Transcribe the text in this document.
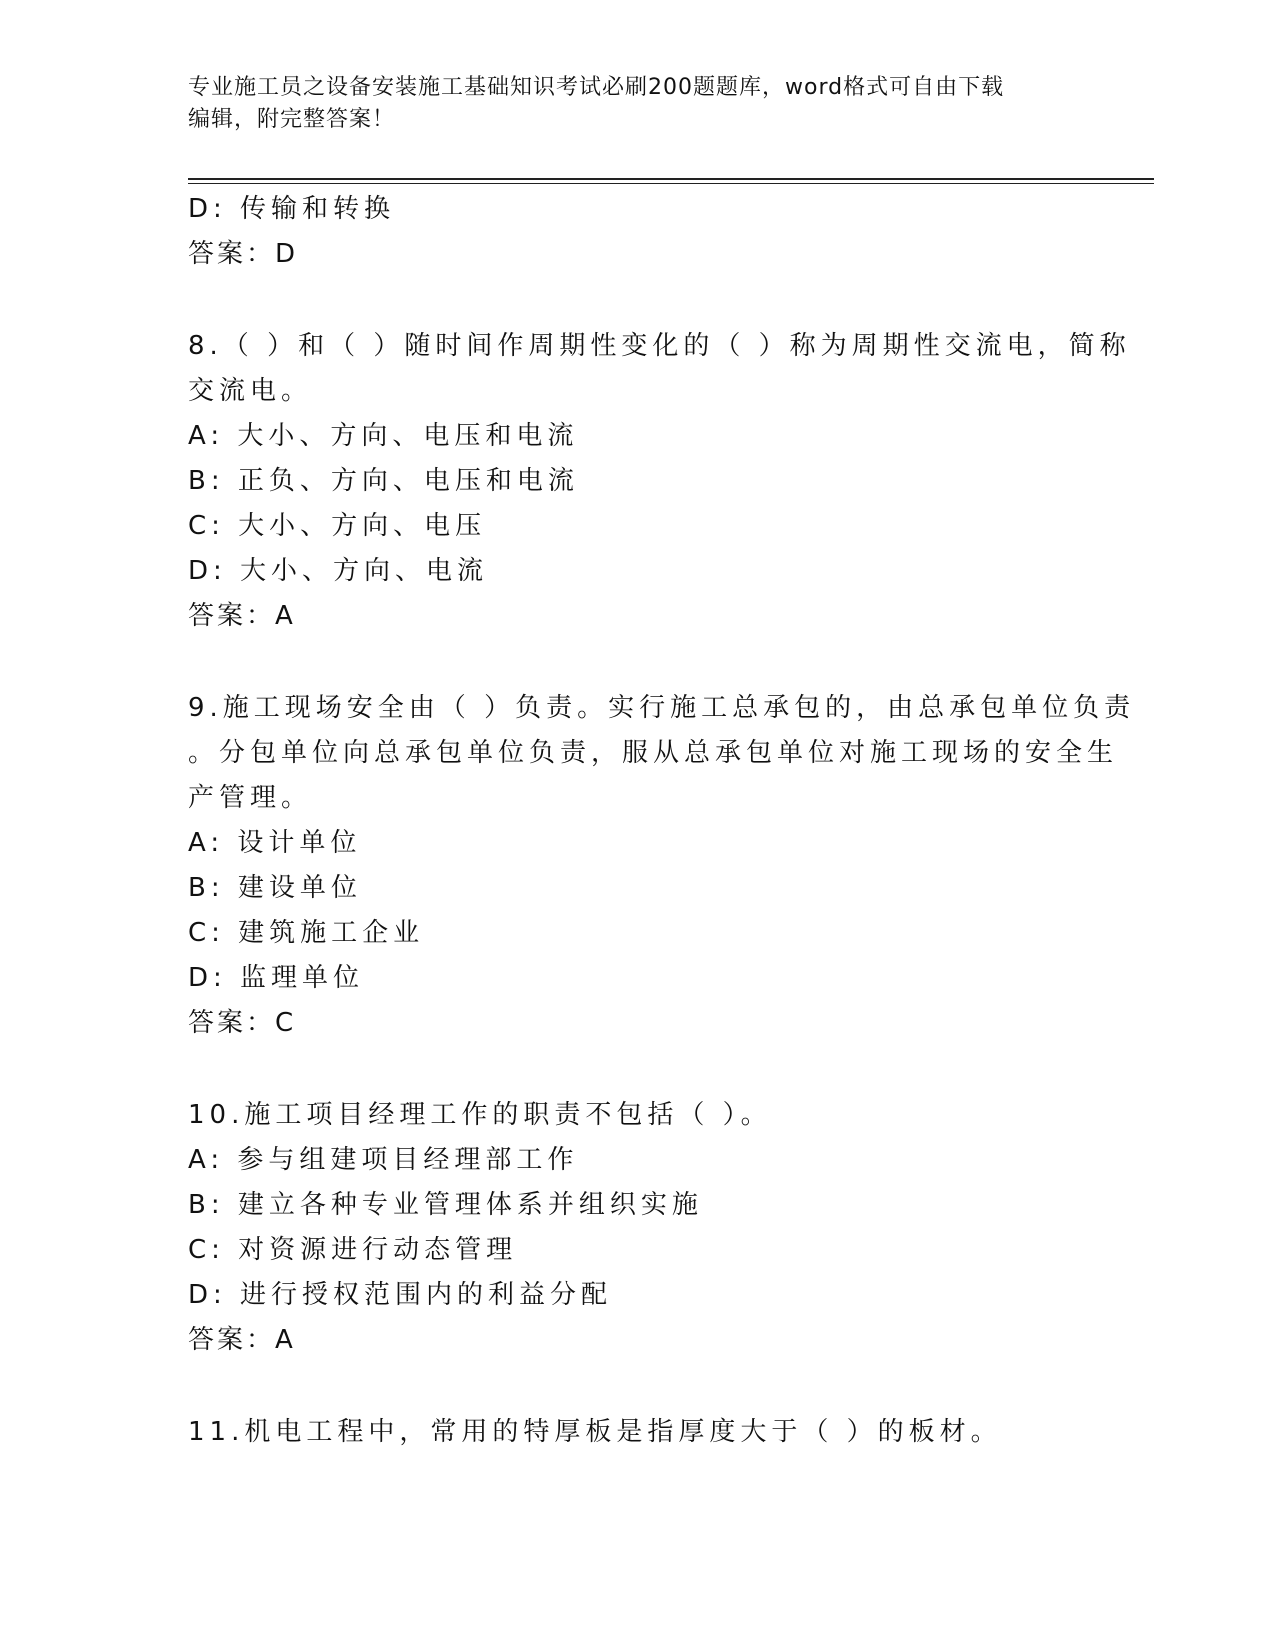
专业施工员之设备安装施工基础知识考试必刷200题题库，word格式可自由下载
编辑，附完整答案！
D: 传输和转换
答案：D
8.（ ）和（ ）随时间作周期性变化的（ ）称为周期性交流电，简称
交流电。
A: 大小、方向、电压和电流
B: 正负、方向、电压和电流
C: 大小、方向、电压
D: 大小、方向、电流
答案：A
9.施工现场安全由（ ）负责。实行施工总承包的，由总承包单位负责
。分包单位向总承包单位负责，服从总承包单位对施工现场的安全生
产管理。
A: 设计单位
B: 建设单位
C: 建筑施工企业
D: 监理单位
答案：C
10.施工项目经理工作的职责不包括（ ）。
A: 参与组建项目经理部工作
B: 建立各种专业管理体系并组织实施
C: 对资源进行动态管理
D: 进行授权范围内的利益分配
答案：A
11.机电工程中，常用的特厚板是指厚度大于（ ）的板材。
